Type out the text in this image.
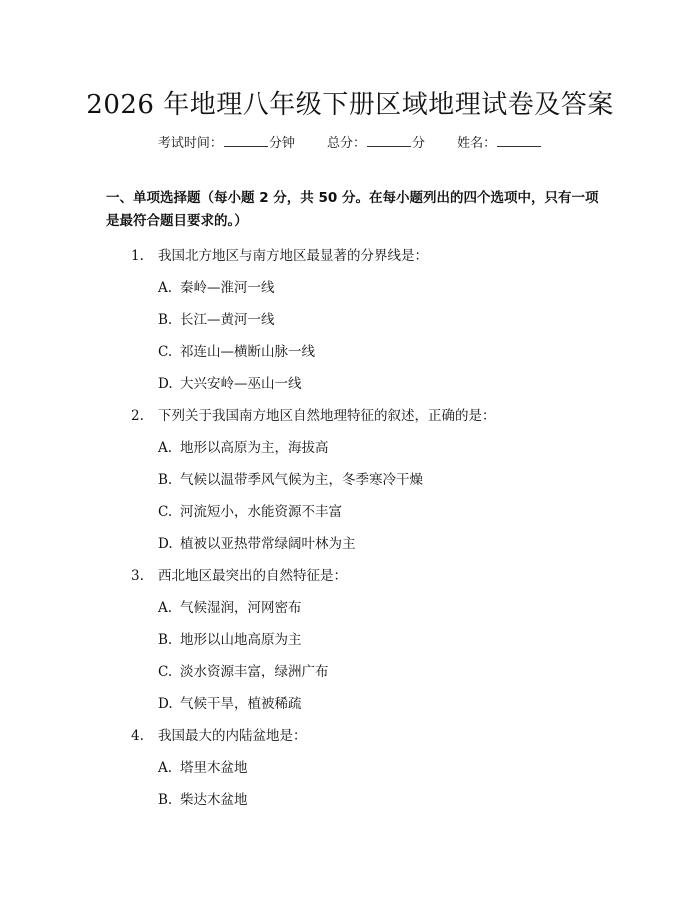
2026 年地理八年级下册区域地理试卷及答案
考试时间：	分钟 总分：	分 姓名：
一、单项选择题（每小题 2 分，共 50 分。在每小题列出的四个选项中，只有一项是最符合题目要求的。）
1. 我国北方地区与南方地区最显著的分界线是：
A. 秦岭—淮河一线
B. 长江—黄河一线
C. 祁连山—横断山脉一线
D. 大兴安岭—巫山一线
2. 下列关于我国南方地区自然地理特征的叙述，正确的是：
A. 地形以高原为主，海拔高
B. 气候以温带季风气候为主，冬季寒冷干燥
C. 河流短小，水能资源不丰富
D. 植被以亚热带常绿阔叶林为主
3. 西北地区最突出的自然特征是：
A. 气候湿润，河网密布
B. 地形以山地高原为主
C. 淡水资源丰富，绿洲广布
D. 气候干旱，植被稀疏
4. 我国最大的内陆盆地是：
A. 塔里木盆地
B. 柴达木盆地
